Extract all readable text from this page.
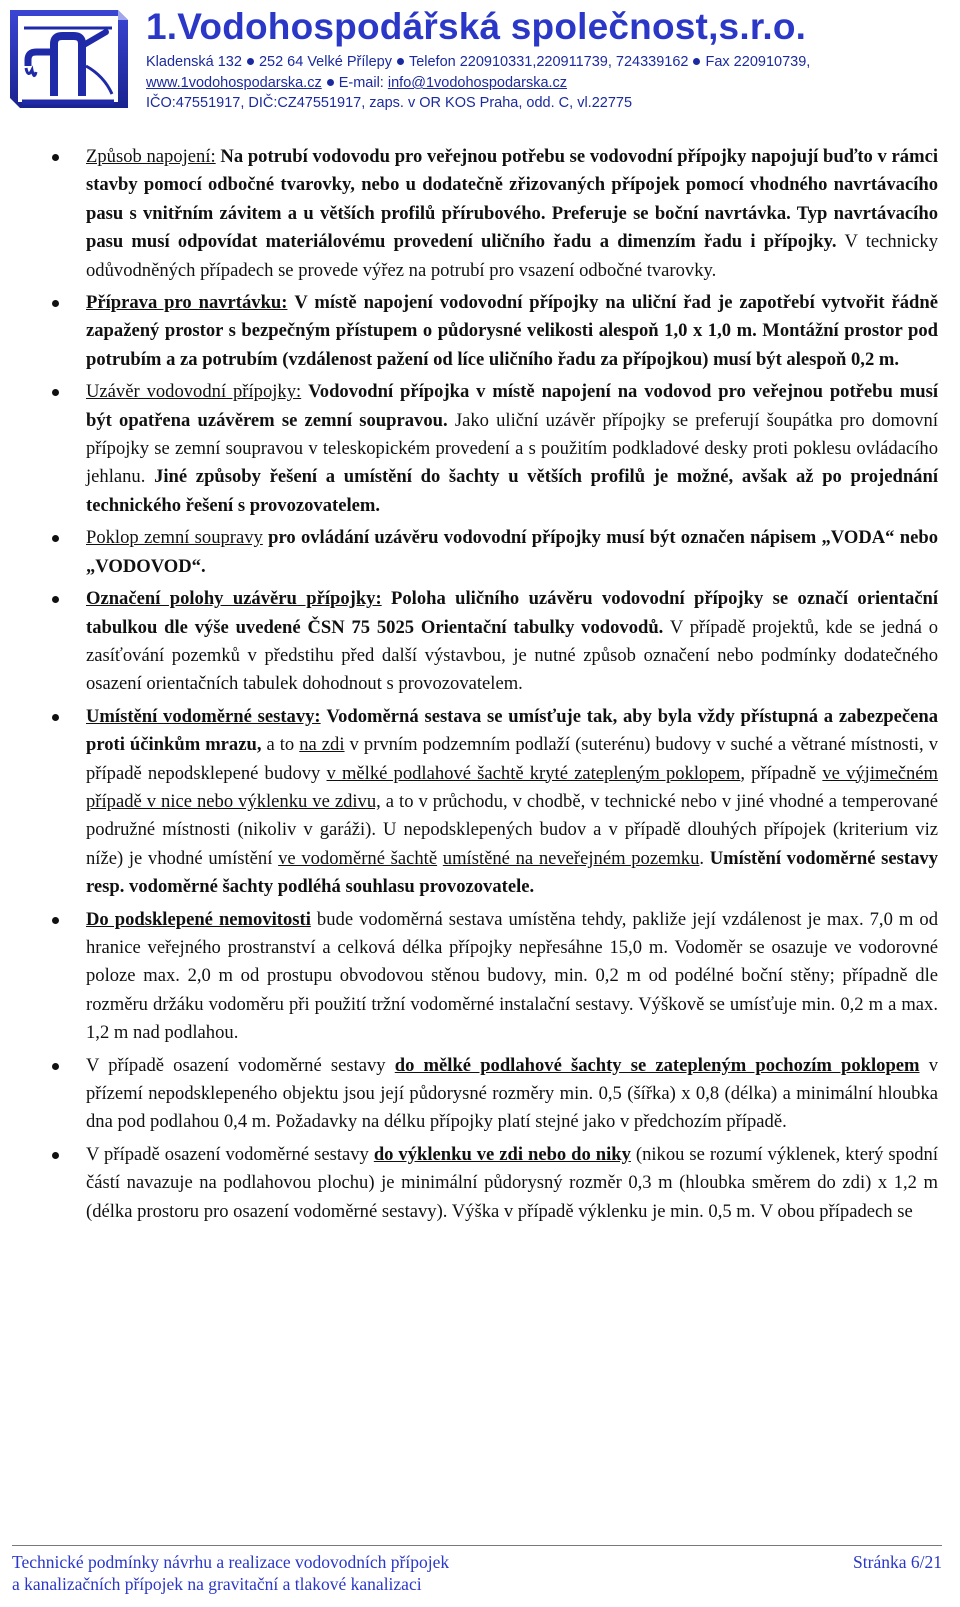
1.Vodohospodářská společnost,s.r.o.
Kladenská 132 252 64 Velké Přílepy Telefon 220910331,220911739, 724339162 Fax 220910739,
www.1vodohospodarska.cz E-mail: info@1vodohospodarska.cz
IČO:47551917, DIČ:CZ47551917, zaps. v OR KOS Praha, odd. C, vl.22775
Způsob napojení: Na potrubí vodovodu pro veřejnou potřebu se vodovodní přípojky napojují buďto v rámci stavby pomocí odbočné tvarovky, nebo u dodatečně zřizovaných přípojek pomocí vhodného navrtávacího pasu s vnitřním závitem a u větších profilů přírubového. Preferuje se boční navrtávka. Typ navrtávacího pasu musí odpovídat materiálovému provedení uličního řadu a dimenzím řadu i přípojky. V technicky odůvodněných případech se provede výřez na potrubí pro vsazení odbočné tvarovky.
Příprava pro navrtávku: V místě napojení vodovodní přípojky na uliční řad je zapotřebí vytvořit řádně zapažený prostor s bezpečným přístupem o půdorysné velikosti alespoň 1,0 x 1,0 m. Montážní prostor pod potrubím a za potrubím (vzdálenost pažení od líce uličního řadu za přípojkou) musí být alespoň 0,2 m.
Uzávěr vodovodní přípojky: Vodovodní přípojka v místě napojení na vodovod pro veřejnou potřebu musí být opatřena uzávěrem se zemní soupravou. Jako uliční uzávěr přípojky se preferují šoupátka pro domovní přípojky se zemní soupravou v teleskopickém provedení a s použitím podkladové desky proti poklesu ovládacího jehlanu. Jiné způsoby řešení a umístění do šachty u větších profilů je možné, avšak až po projednání technického řešení s provozovatelem.
Poklop zemní soupravy pro ovládání uzávěru vodovodní přípojky musí být označen nápisem „VODA“ nebo „VODOVOD“.
Označení polohy uzávěru přípojky: Poloha uličního uzávěru vodovodní přípojky se označí orientační tabulkou dle výše uvedené ČSN 75 5025 Orientační tabulky vodovodů. V případě projektů, kde se jedná o zasíťování pozemků v předstihu před další výstavbou, je nutné způsob označení nebo podmínky dodatečného osazení orientačních tabulek dohodnout s provozovatelem.
Umístění vodoměrné sestavy: Vodoměrná sestava se umísťuje tak, aby byla vždy přístupná a zabezpečena proti účinkům mrazu, a to na zdi v prvním podzemním podlaží (suterénu) budovy v suché a větrané místnosti, v případě nepodsklepené budovy v mělké podlahové šachtě kryté zatepleným poklopem, případně ve výjimečném případě v nice nebo výklenku ve zdivu, a to v průchodu, v chodbě, v technické nebo v jiné vhodné a temperované podružné místnosti (nikoliv v garáži). U nepodsklepených budov a v případě dlouhých přípojek (kriterium viz níže) je vhodné umístění ve vodoměrné šachtě umístěné na neveřejném pozemku. Umístění vodoměrné sestavy resp. vodoměrné šachty podléhá souhlasu provozovatele.
Do podsklepené nemovitosti bude vodoměrná sestava umístěna tehdy, pakliže její vzdálenost je max. 7,0 m od hranice veřejného prostranství a celková délka přípojky nepřesáhne 15,0 m. Vodoměr se osazuje ve vodorovné poloze max. 2,0 m od prostupu obvodovou stěnou budovy, min. 0,2 m od podélné boční stěny; případně dle rozměru držáku vodoměru při použití tržní vodoměrné instalační sestavy. Výškově se umísťuje min. 0,2 m a max. 1,2 m nad podlahou.
V případě osazení vodoměrné sestavy do mělké podlahové šachty se zatepleným pochozím poklopem v přízemí nepodsklepeného objektu jsou její půdorysné rozměry min. 0,5 (šířka) x 0,8 (délka) a minimální hloubka dna pod podlahou 0,4 m. Požadavky na délku přípojky platí stejné jako v předchozím případě.
V případě osazení vodoměrné sestavy do výklenku ve zdi nebo do niky (nikou se rozumí výklenek, který spodní částí navazuje na podlahovou plochu) je minimální půdorysný rozměr 0,3 m (hloubka směrem do zdi) x 1,2 m (délka prostoru pro osazení vodoměrné sestavy). Výška v případě výklenku je min. 0,5 m. V obou případech se
Technické podmínky návrhu a realizace vodovodních přípojek
a kanalizačních přípojek na gravitační a tlakové kanalizaci
Stránka 6/21
